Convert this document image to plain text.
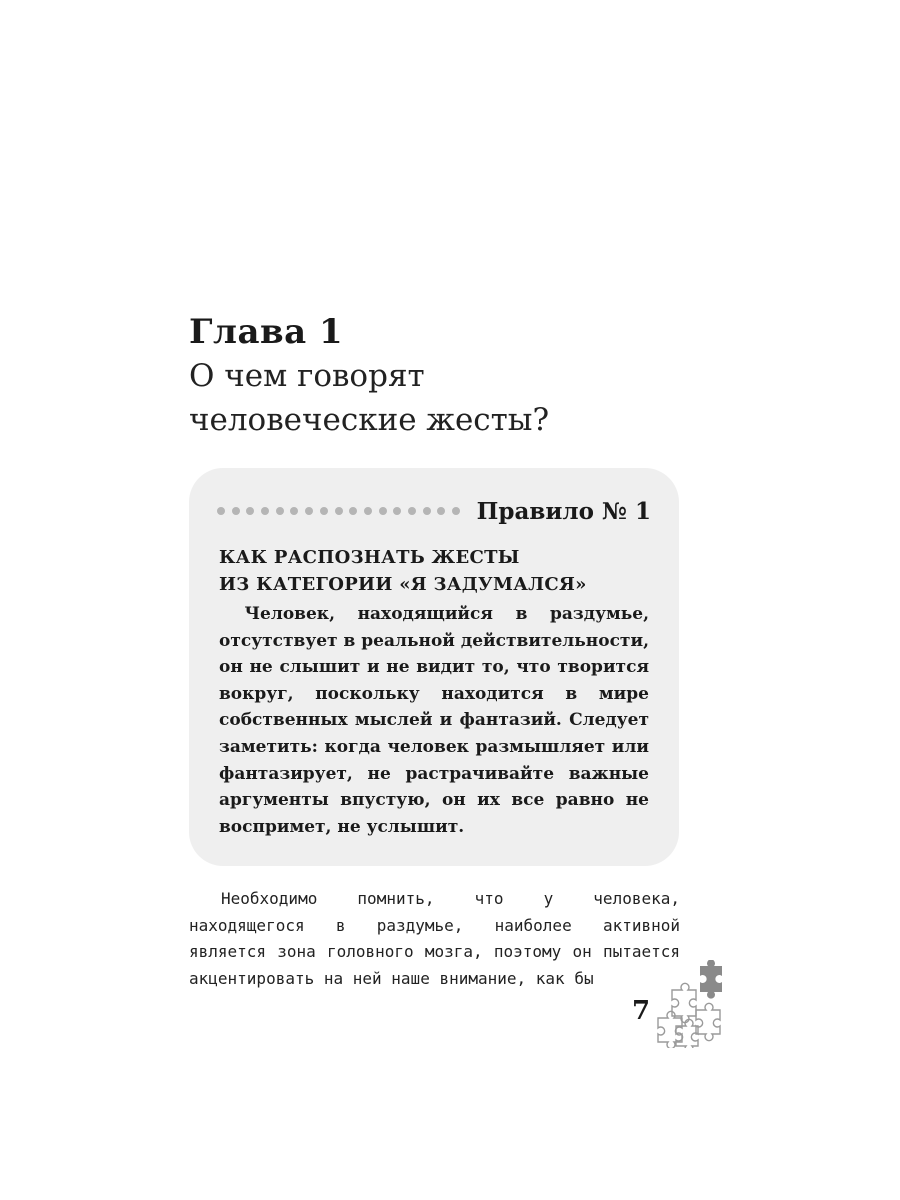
Глава 1
О чем говорят
человеческие жесты?
Правило № 1
КАК РАСПОЗНАТЬ ЖЕСТЫ
ИЗ КАТЕГОРИИ «Я ЗАДУМАЛСЯ»
Человек, находящийся в раздумье, отсутствует в реальной действительности, он не слышит и не видит то, что творится вокруг, поскольку находится в мире собственных мыслей и фантазий. Следует заметить: когда человек размышляет или фантазирует, не растрачивайте важные аргументы впустую, он их все равно не воспримет, не услышит.
Необходимо помнить, что у человека, находящегося в раздумье, наиболее активной является зона головного мозга, поэтому он пытается акцентировать на ней наше внимание, как бы
7
